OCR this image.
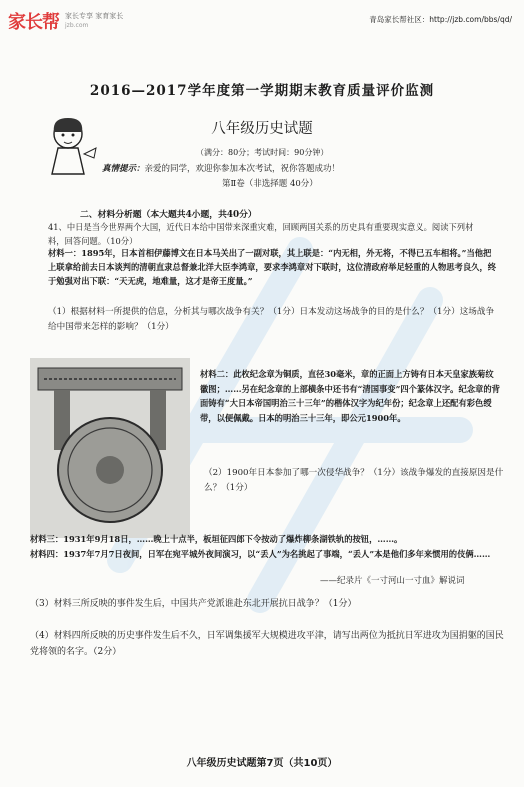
家长帮 家长专享 家育家长
jzb.com
青岛家长帮社区：http://jzb.com/bbs/qd/
2016—2017学年度第一学期期末教育质量评价监测
八年级历史试题
（满分：80分；考试时间：90分钟）
真情提示：亲爱的同学，欢迎你参加本次考试，祝你答题成功！
第Ⅱ卷（非选择题 40分）
二、材料分析题（本大题共4小题，共40分）
41、中日是当今世界两个大国，近代日本给中国带来深重灾难，回顾两国关系的历史具有重要现实意义。阅读下列材料，回答问题。（10分）
材料一：1895年，日本首相伊藤博文在日本马关出了一副对联，其上联是：“内无相，外无将，不得已五车相将。”当他把上联拿给前去日本谈判的清朝直隶总督兼北洋大臣李鸿章，要求李鸿章对下联时，这位清政府举足轻重的人物思考良久，终于勉强对出下联：“天无虎，地难量，这才是帝王度量。”
（1）根据材料一所提供的信息，分析其与哪次战争有关？（1分）日本发动这场战争的目的是什么？（1分）这场战争给中国带来怎样的影响？（1分）
材料二：此枚纪念章为铜质，直径30毫米，章的正面上方铸有日本天皇家族菊纹徽图；……另在纪念章的上部横条中还书有“清国事变”四个篆体汉字。纪念章的背面铸有“大日本帝国明治三十三年”的楷体汉字为纪年份；纪念章上还配有彩色绶带，以便佩戴。日本的明治三十三年，即公元1900年。
（2）1900年日本参加了哪一次侵华战争？（1分）该战争爆发的直接原因是什么？（1分）
材料三：1931年9月18日，……晚上十点半，板垣征四郎下令按动了爆炸柳条湖铁轨的按钮，……。
材料四：1937年7月7日夜间，日军在宛平城外夜间演习，以“丢人”为名挑起了事端，“丢人”本是他们多年来惯用的伎俩……
——纪录片《一寸河山一寸血》解说词
（3）材料三所反映的事件发生后，中国共产党派谁赴东北开展抗日战争？（1分）
（4）材料四所反映的历史事件发生后不久，日军调集援军大规模进攻平津，请写出两位为抵抗日军进攻为国捐躯的国民党将领的名字。（2分）
八年级历史试题第7页（共10页）
